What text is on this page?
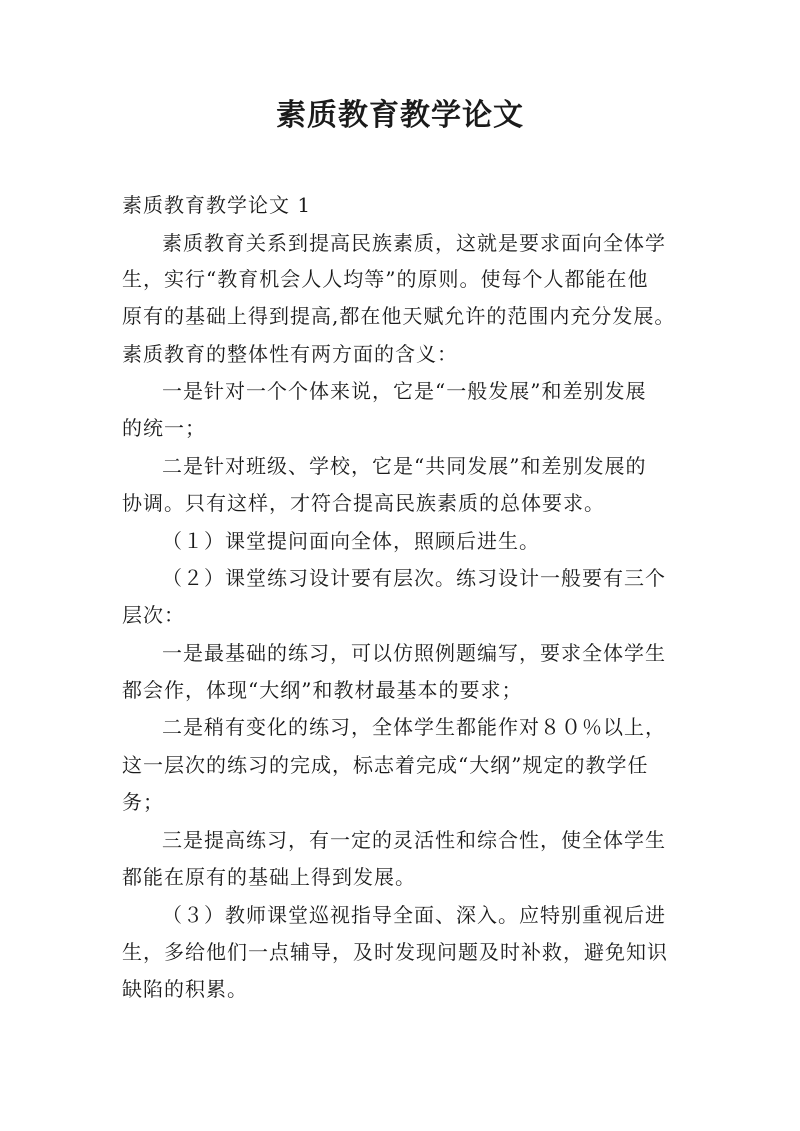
素质教育教学论文
素质教育教学论文 1
素质教育关系到提高民族素质，这就是要求面向全体学
生，实行“教育机会人人均等”的原则。使每个人都能在他
原有的基础上得到提高,都在他天赋允许的范围内充分发展。
素质教育的整体性有两方面的含义：
一是针对一个个体来说，它是“一般发展”和差别发展
的统一；
二是针对班级、学校，它是“共同发展”和差别发展的
协调。只有这样，才符合提高民族素质的总体要求。
（１）课堂提问面向全体，照顾后进生。
（２）课堂练习设计要有层次。练习设计一般要有三个
层次：
一是最基础的练习，可以仿照例题编写，要求全体学生
都会作，体现“大纲”和教材最基本的要求；
二是稍有变化的练习，全体学生都能作对８０％以上，
这一层次的练习的完成，标志着完成“大纲”规定的教学任
务；
三是提高练习，有一定的灵活性和综合性，使全体学生
都能在原有的基础上得到发展。
（３）教师课堂巡视指导全面、深入。应特别重视后进
生，多给他们一点辅导，及时发现问题及时补救，避免知识
缺陷的积累。
